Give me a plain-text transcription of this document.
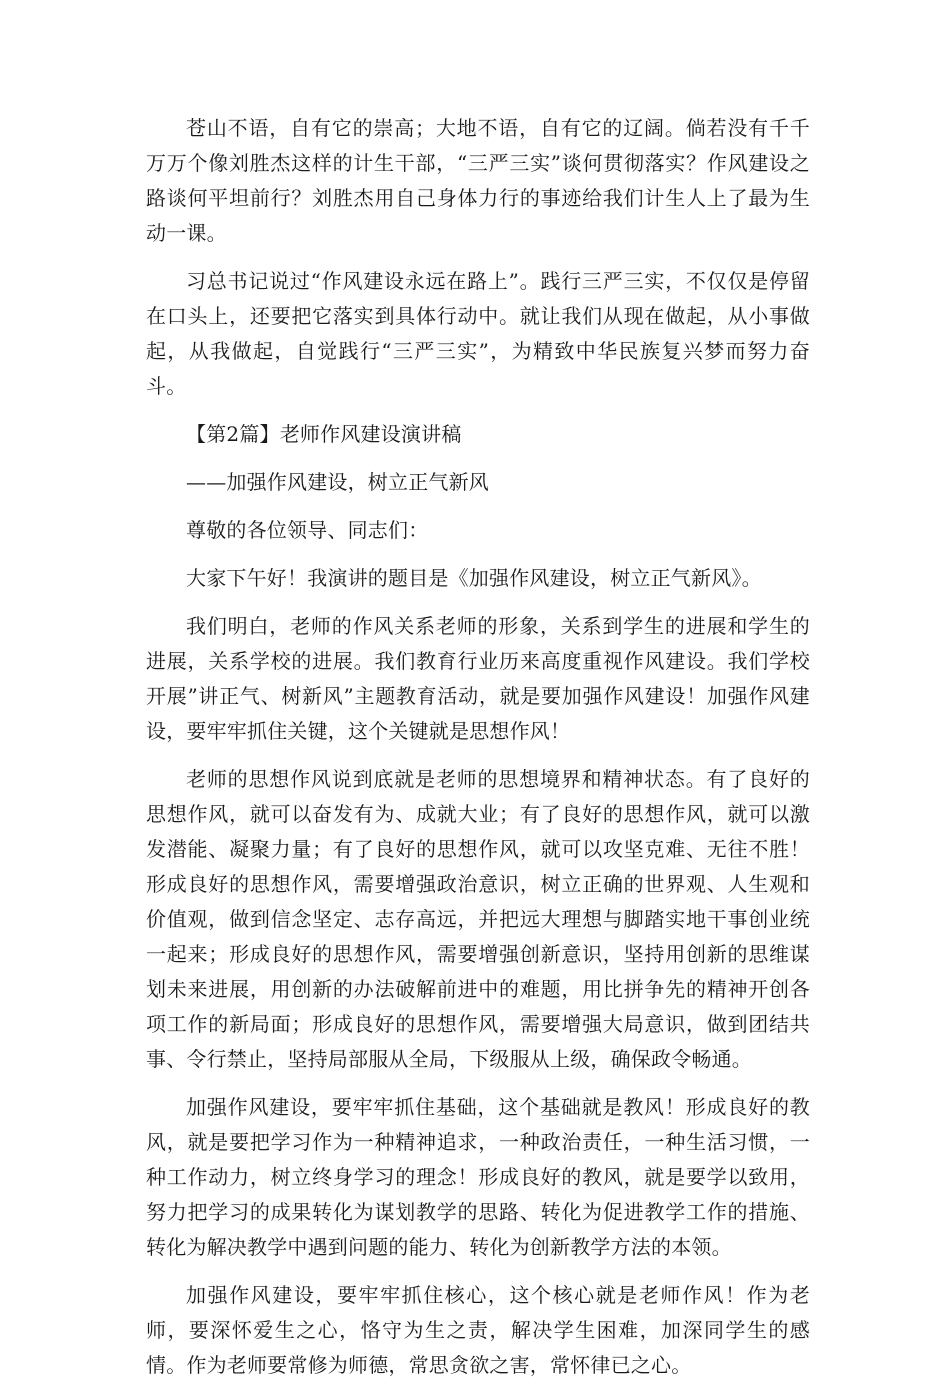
苍山不语，自有它的崇高；大地不语，自有它的辽阔。倘若没有千千万万个像刘胜杰这样的计生干部，“三严三实”谈何贯彻落实？作风建设之路谈何平坦前行？刘胜杰用自己身体力行的事迹给我们计生人上了最为生动一课。

习总书记说过“作风建设永远在路上”。践行三严三实，不仅仅是停留在口头上，还要把它落实到具体行动中。就让我们从现在做起，从小事做起，从我做起，自觉践行“三严三实”，为精致中华民族复兴梦而努力奋斗。

【第2篇】老师作风建设演讲稿

——加强作风建设，树立正气新风

尊敬的各位领导、同志们：

大家下午好！我演讲的题目是《加强作风建设，树立正气新风》。

我们明白，老师的作风关系老师的形象，关系到学生的进展和学生的进展，关系学校的进展。我们教育行业历来高度重视作风建设。我们学校开展”讲正气、树新风”主题教育活动，就是要加强作风建设！加强作风建设，要牢牢抓住关键，这个关键就是思想作风！

老师的思想作风说到底就是老师的思想境界和精神状态。有了良好的思想作风，就可以奋发有为、成就大业；有了良好的思想作风，就可以激发潜能、凝聚力量；有了良好的思想作风，就可以攻坚克难、无往不胜！形成良好的思想作风，需要增强政治意识，树立正确的世界观、人生观和价值观，做到信念坚定、志存高远，并把远大理想与脚踏实地干事创业统一起来；形成良好的思想作风，需要增强创新意识，坚持用创新的思维谋划未来进展，用创新的办法破解前进中的难题，用比拼争先的精神开创各项工作的新局面；形成良好的思想作风，需要增强大局意识，做到团结共事、令行禁止，坚持局部服从全局，下级服从上级，确保政令畅通。

加强作风建设，要牢牢抓住基础，这个基础就是教风！形成良好的教风，就是要把学习作为一种精神追求，一种政治责任，一种生活习惯，一种工作动力，树立终身学习的理念！形成良好的教风，就是要学以致用，努力把学习的成果转化为谋划教学的思路、转化为促进教学工作的措施、转化为解决教学中遇到问题的能力、转化为创新教学方法的本领。

加强作风建设，要牢牢抓住核心，这个核心就是老师作风！作为老师，要深怀爱生之心，恪守为生之责，解决学生困难，加深同学生的感情。作为老师要常修为师德，常思贪欲之害，常怀律已之心。
